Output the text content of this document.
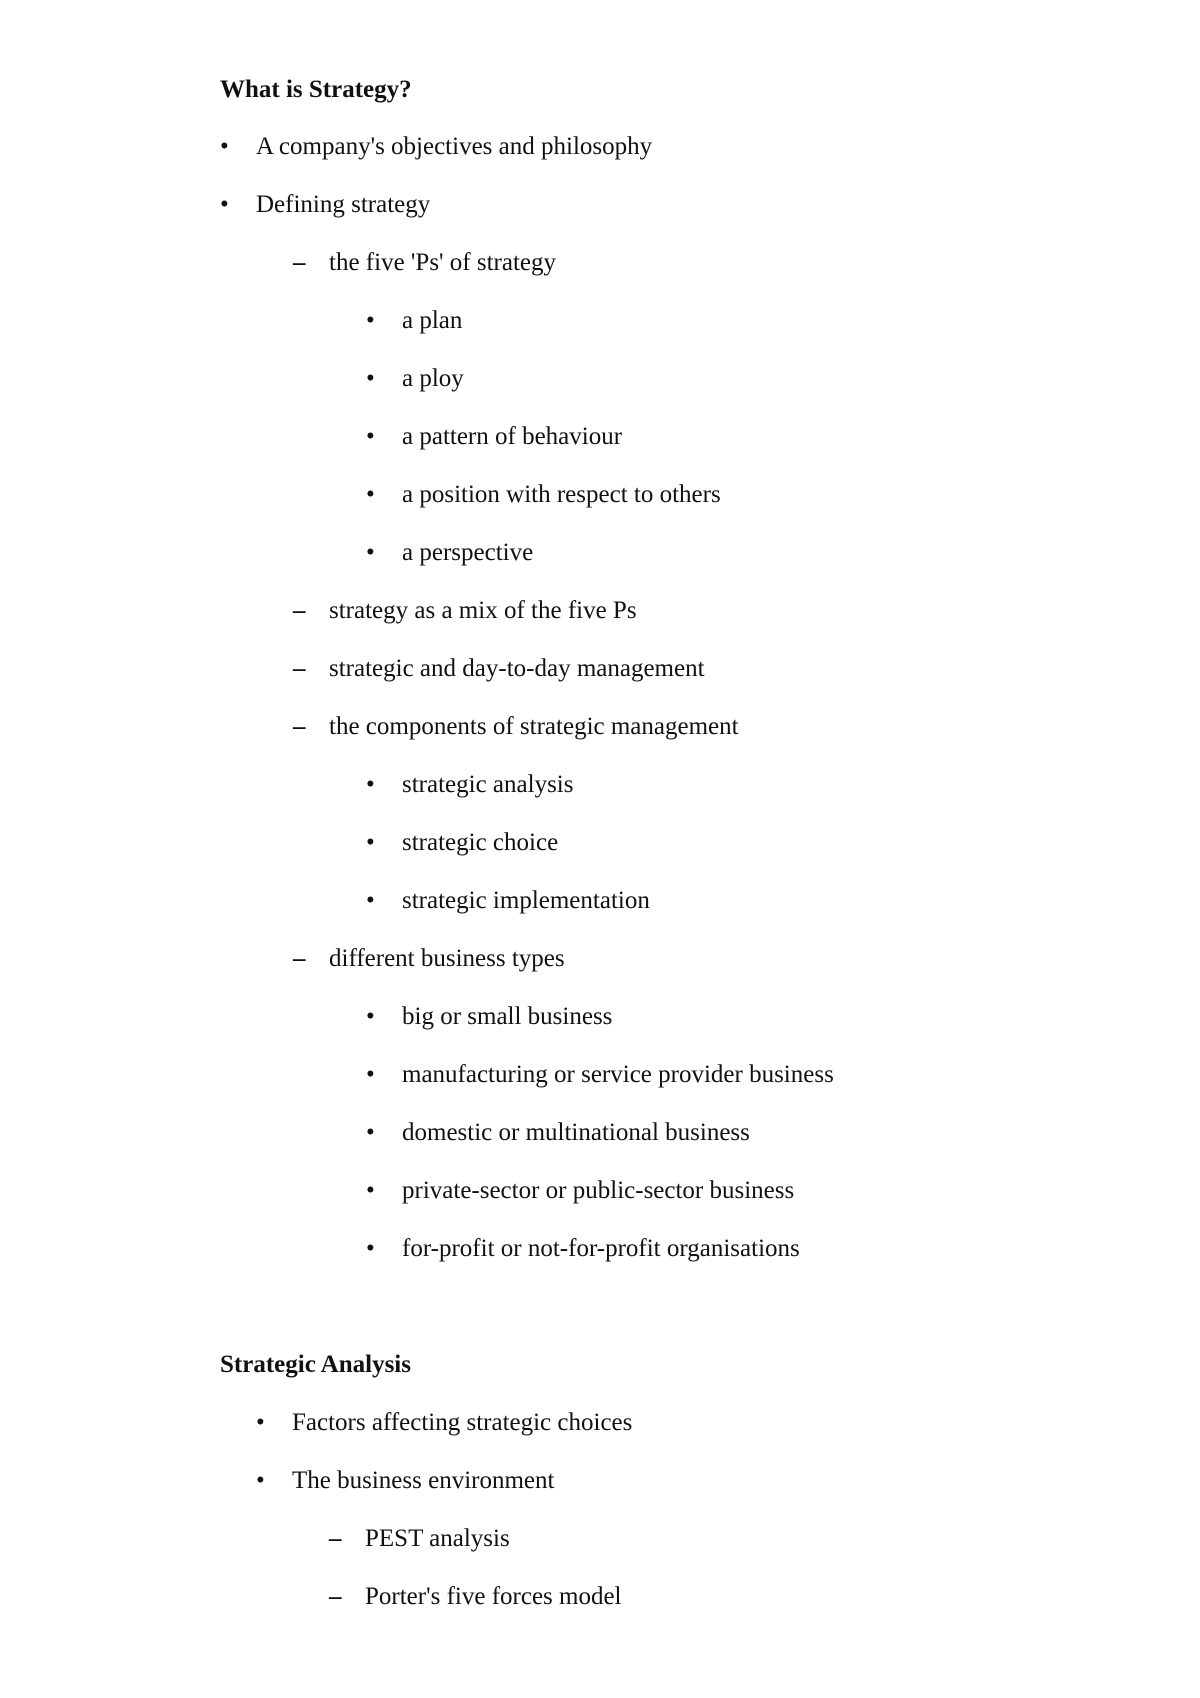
What is Strategy?
• A company's objectives and philosophy
• Defining strategy
– the five 'Ps' of strategy
• a plan
• a ploy
• a pattern of behaviour
• a position with respect to others
• a perspective
– strategy as a mix of the five Ps
– strategic and day-to-day management
– the components of strategic management
• strategic analysis
• strategic choice
• strategic implementation
– different business types
• big or small business
• manufacturing or service provider business
• domestic or multinational business
• private-sector or public-sector business
• for-profit or not-for-profit organisations
Strategic Analysis
• Factors affecting strategic choices
• The business environment
– PEST analysis
– Porter's five forces model
